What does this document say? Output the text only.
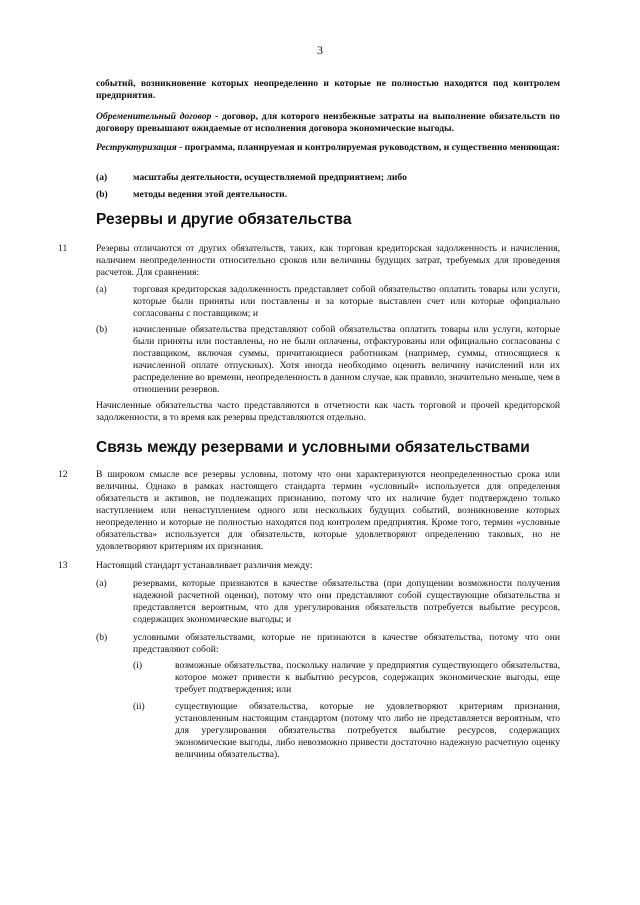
3
событий, возникновение которых неопределенно и которые не полностью находятся под контролем предприятия.
Обременительный договор - договор, для которого неизбежные затраты на выполнение обязательств по договору превышают ожидаемые от исполнения договора экономические выгоды.
Реструктуризация - программа, планируемая и контролируемая руководством, и существенно меняющая:
(a)	масштабы деятельности, осуществляемой предприятием; либо
(b)	методы ведения этой деятельности.
Резервы и другие обязательства
11	Резервы отличаются от других обязательств, таких, как торговая кредиторская задолженность и начисления, наличием неопределенности относительно сроков или величины будущих затрат, требуемых для проведения расчетов. Для сравнения:
(a)	торговая кредиторская задолженность представляет собой обязательство оплатить товары или услуги, которые были приняты или поставлены и за которые выставлен счет или которые официально согласованы с поставщиком; и
(b)	начисленные обязательства представляют собой обязательства оплатить товары или услуги, которые были приняты или поставлены, но не были оплачены, отфактурованы или официально согласованы с поставщиком, включая суммы, причитающиеся работникам (например, суммы, относящиеся к начисленной оплате отпускных). Хотя иногда необходимо оценить величину начислений или их распределение во времени, неопределенность в данном случае, как правило, значительно меньше, чем в отношении резервов.
Начисленные обязательства часто представляются в отчетности как часть торговой и прочей кредиторской задолженности, в то время как резервы представляются отдельно.
Связь между резервами и условными обязательствами
12	В широком смысле все резервы условны, потому что они характеризуются неопределенностью срока или величины. Однако в рамках настоящего стандарта термин «условный» используется для определения обязательств и активов, не подлежащих признанию, потому что их наличие будет подтверждено только наступлением или ненаступлением одного или нескольких будущих событий, возникновение которых неопределенно и которые не полностью находятся под контролем предприятия. Кроме того, термин «условные обязательства» используется для обязательств, которые удовлетворяют определению таковых, но не удовлетворяют критериям их признания.
13	Настоящий стандарт устанавливает различия между:
(a)	резервами, которые признаются в качестве обязательства (при допущении возможности получения надежной расчетной оценки), потому что они представляют собой существующие обязательства и представляется вероятным, что для урегулирования обязательств потребуется выбытие ресурсов, содержащих экономические выгоды; и
(b)	условными обязательствами, которые не признаются в качестве обязательства, потому что они представляют собой:
(i)	возможные обязательства, поскольку наличие у предприятия существующего обязательства, которое может привести к выбытию ресурсов, содержащих экономические выгоды, еще требует подтверждения; или
(ii)	существующие обязательства, которые не удовлетворяют критериям признания, установленным настоящим стандартом (потому что либо не представляется вероятным, что для урегулирования обязательства потребуется выбытие ресурсов, содержащих экономические выгоды, либо невозможно привести достаточно надежную расчетную оценку величины обязательства).
